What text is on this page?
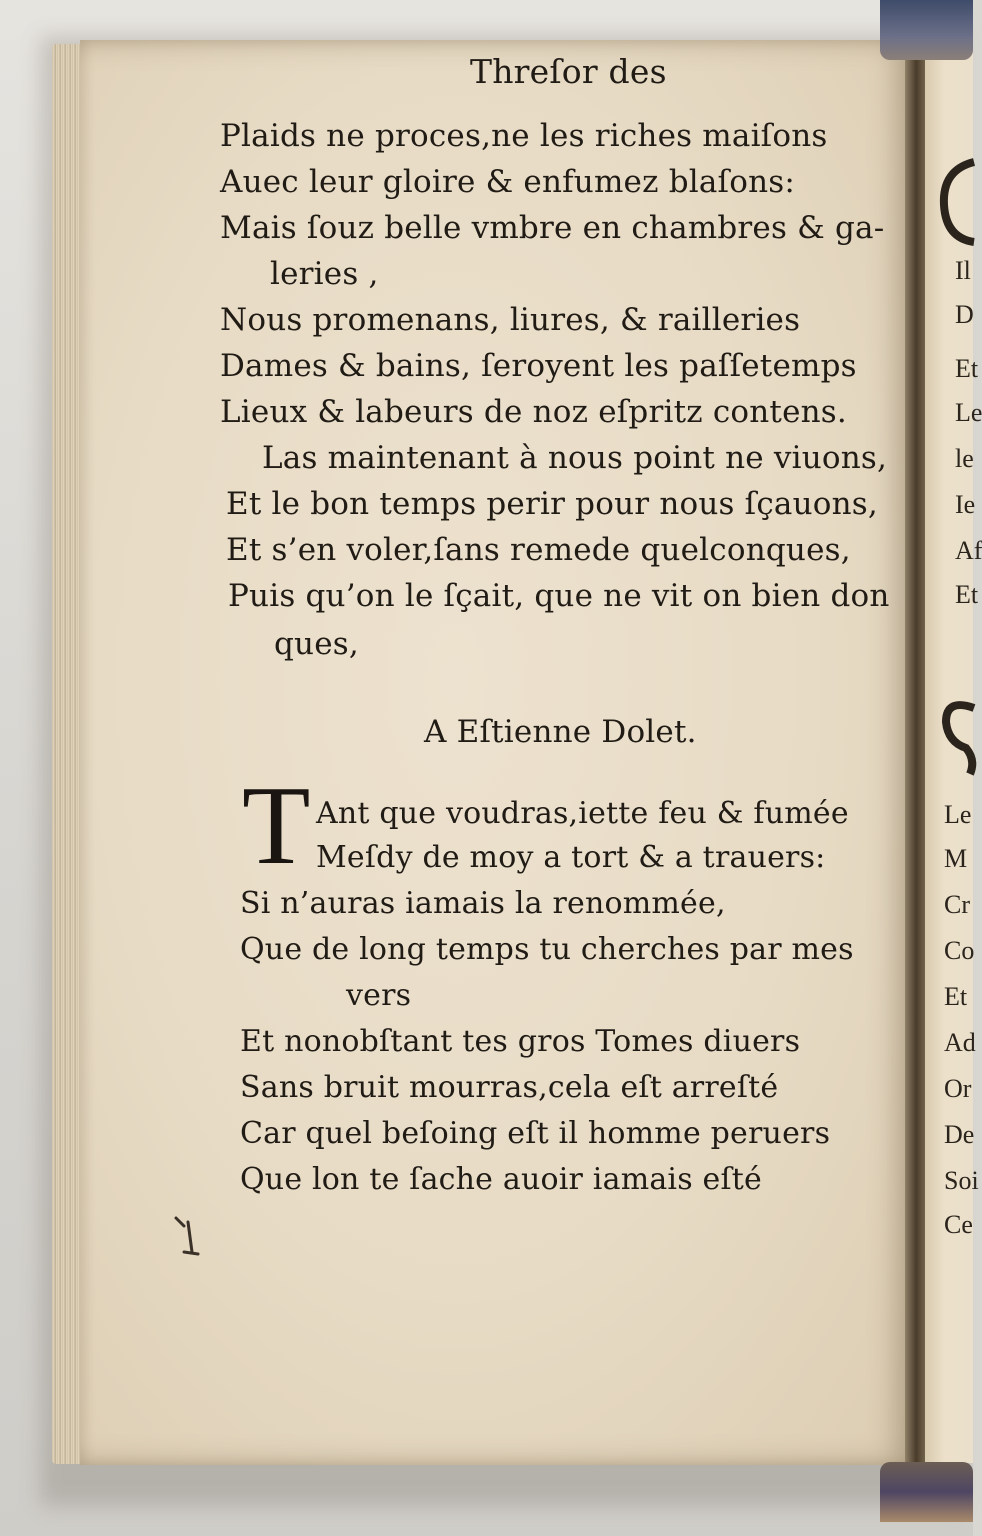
Threſor des
Plaids ne proces,ne les riches maiſons
Auec leur gloire & enfumez blaſons:
Mais ſouz belle vmbre en chambres & ga-
leries ,
Nous promenans, liures, & railleries
Dames & bains, ſeroyent les paſſetemps
Lieux & labeurs de noz eſpritz contens.
Las maintenant à nous point ne viuons,
Et le bon temps perir pour nous ſçauons,
Et s’en voler,ſans remede quelconques,
Puis qu’on le ſçait, que ne vit on bien don
ques,
A Eſtienne Dolet.
T Ant que voudras,iette feu & fumée
Meſdy de moy a tort & a trauers:
Si n’auras iamais la renommée,
Que de long temps tu cherches par mes
vers
Et nonobſtant tes gros Tomes diuers
Sans bruit mourras,cela eſt arreſté
Car quel beſoing eſt il homme peruers
Que lon te ſache auoir iamais eſté
Il
D
Et
Le
le
Ie
Af
Et
Le
M
Cr
Co
Et
Ad
Or
De
Soi
Ce
